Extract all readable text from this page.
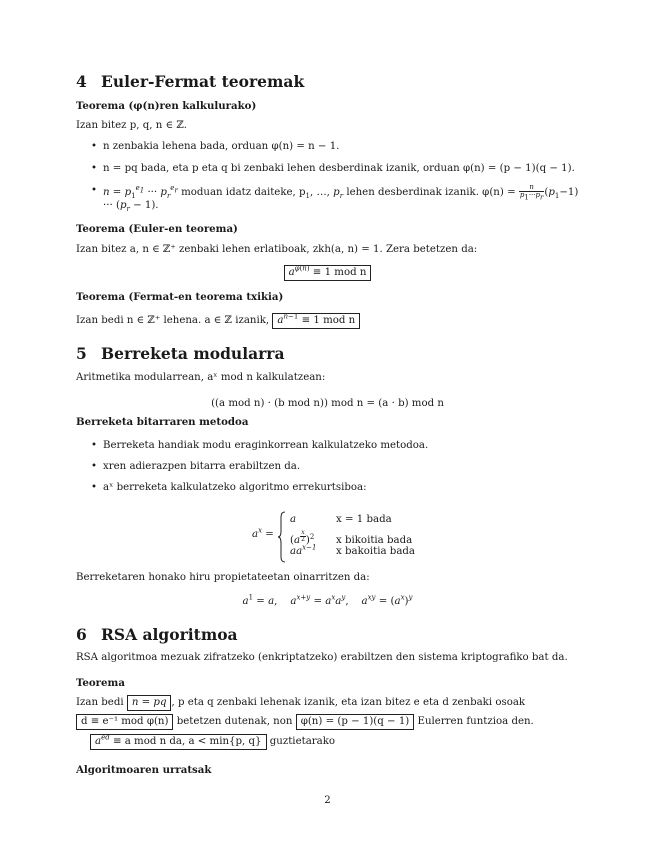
4 Euler-Fermat teoremak
Teorema (φ(n)ren kalkulurako)
Izan bitez p, q, n ∈ ℤ.
• n zenbakia lehena bada, orduan φ(n) = n − 1.
• n = pq bada, eta p eta q bi zenbaki lehen desberdinak izanik, orduan φ(n) = (p − 1)(q − 1).
• $n = p_1^{e_1}$ ··· $p_r^{e_r}$ moduan idatz daiteke, $p_1$, …, $p_r$ lehen desberdinak izanik. $\varphi(n) = \frac{n}{p_1\cdot\cdot\cdot p_r} (p_1-1)$ ··· $(p_r - 1)$.
Teorema (Euler-en teorema)
Izan bitez a, n ∈ ℤ⁺ zenbaki lehen erlatiboak, zkh(a, n) = 1. Zera betetzen da:
$a^{\varphi(n)} \equiv 1$ mod n
Teorema (Fermat-en teorema txikia)
Izan bedi n ∈ ℤ⁺ lehena. a ∈ ℤ izanik, $a^{n-1} \equiv 1$ mod n
5 Berreketa modularra
Aritmetika modularrean, aˣ mod n kalkulatzean:
((a mod n) · (b mod n)) mod n = (a · b) mod n
Berreketa bitarraren metodoa
• Berreketa handiak modu eraginkorrean kalkulatzeko metodoa.
• xren adierazpen bitarra erabiltzen da.
• aˣ berreketa kalkulatzeko algoritmo errekurtsiboa:
$a^x$ =
a	x = 1 bada
(a $^{\frac{x}{2}}$ )$^2$ x bikoitia bada
$aa^{x-1}$ x bakoitia bada
Berreketaren honako hiru propietateetan oinarritzen da:
$a^1 = a$,    $a^{x+y} = a^xa^y$,    $a^{xy} = (a^x)^y$
6 RSA algoritmoa
RSA algoritmoa mezuak zifratzeko (enkriptatzeko) erabiltzen den sistema kriptografiko bat da.
Teorema
Izan bedi n = pq , p eta q zenbaki lehenak izanik, eta izan bitez e eta d zenbaki osoak
d ≡ e⁻¹ mod φ(n) betetzen dutenak, non φ(n) = (p − 1)(q − 1) Eulerren funtzioa den.
$a^{ed} \equiv a$ mod n da, a < min{p, q} guztietarako
Algoritmoaren urratsak
2
